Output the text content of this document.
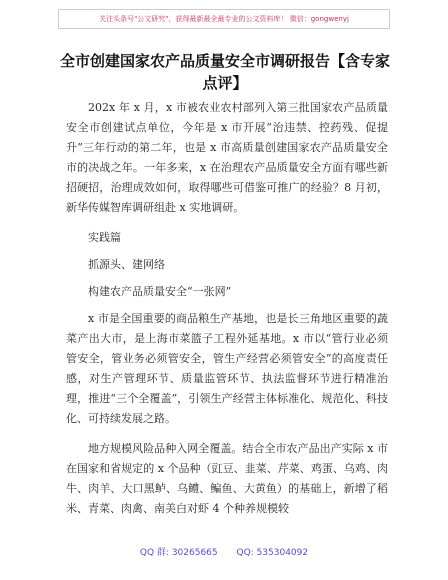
关注头条号"公文研究"，获得最新最全最专业的公文资料库！ 微信：gongwenyj
全市创建国家农产品质量安全市调研报告【含专家点评】

202x 年 x 月，x 市被农业农村部列入第三批国家农产品质量安全市创建试点单位，今年是 x 市开展“治违禁、控药残、促提升”三年行动的第二年，也是 x 市高质量创建国家农产品质量安全市的决战之年。一年多来，x 在治理农产品质量安全方面有哪些新招硬招，治理成效如何，取得哪些可借鉴可推广的经验？8 月初，新华传媒智库调研组赴 x 实地调研。

实践篇

抓源头、建网络

构建农产品质量安全“一张网”

x 市是全国重要的商品粮生产基地，也是长三角地区重要的蔬菜产出大市，是上海市菜篮子工程外延基地。x 市以“管行业必须管安全，管业务必须管安全，管生产经营必须管安全”的高度责任感，对生产管理环节、质量监管环节、执法监督环节进行精准治理，推进“三个全覆盖”，引领生产经营主体标准化、规范化、科技化、可持续发展之路。

地方规模风险品种入网全覆盖。结合全市农产品出产实际 x 市在国家和省规定的 x 个品种（豇豆、韭菜、芹菜、鸡蛋、乌鸡、肉牛、肉羊、大口黑鲈、乌鳢、鳊鱼、大黄鱼）的基础上，新增了稻米、青菜、肉禽、南美白对虾 4 个种养规模较

QQ 群: 30265665 QQ: 535304092
